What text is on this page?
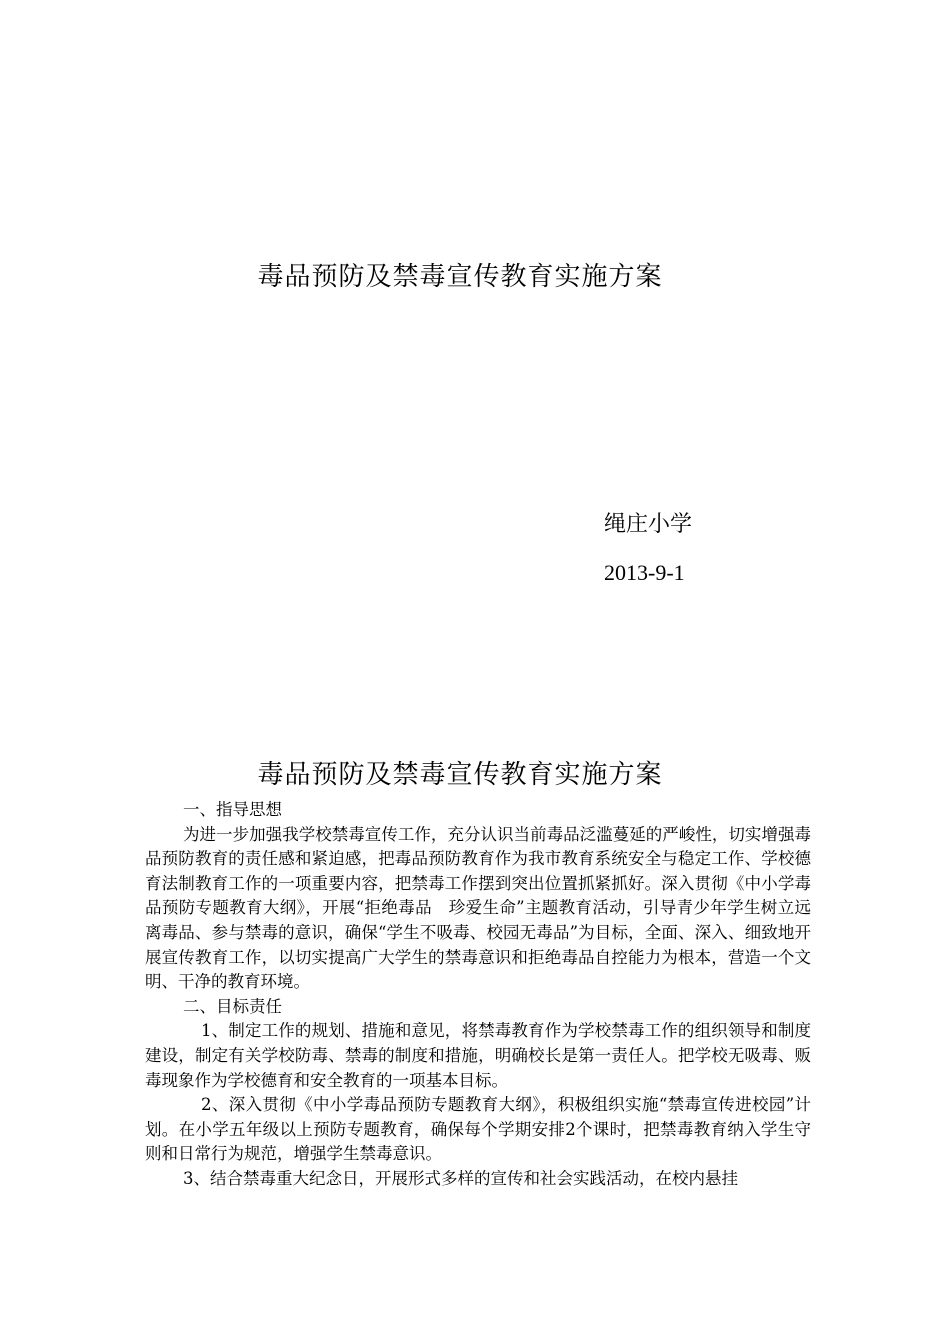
毒品预防及禁毒宣传教育实施方案
绳庄小学
2013-9-1
毒品预防及禁毒宣传教育实施方案

一、指导思想

为进一步加强我学校禁毒宣传工作，充分认识当前毒品泛滥蔓延的严峻性，切实增强毒品预防教育的责任感和紧迫感，把毒品预防教育作为我市教育系统安全与稳定工作、学校德育法制教育工作的一项重要内容，把禁毒工作摆到突出位置抓紧抓好。深入贯彻《中小学毒品预防专题教育大纲》，开展“拒绝毒品　珍爱生命”主题教育活动，引导青少年学生树立远离毒品、参与禁毒的意识，确保“学生不吸毒、校园无毒品”为目标，全面、深入、细致地开展宣传教育工作，以切实提高广大学生的禁毒意识和拒绝毒品自控能力为根本，营造一个文明、干净的教育环境。

二、目标责任

1、制定工作的规划、措施和意见，将禁毒教育作为学校禁毒工作的组织领导和制度建设，制定有关学校防毒、禁毒的制度和措施，明确校长是第一责任人。把学校无吸毒、贩毒现象作为学校德育和安全教育的一项基本目标。

2、深入贯彻《中小学毒品预防专题教育大纲》，积极组织实施“禁毒宣传进校园”计划。在小学五年级以上预防专题教育，确保每个学期安排2个课时，把禁毒教育纳入学生守则和日常行为规范，增强学生禁毒意识。

3、结合禁毒重大纪念日，开展形式多样的宣传和社会实践活动，在校内悬挂
